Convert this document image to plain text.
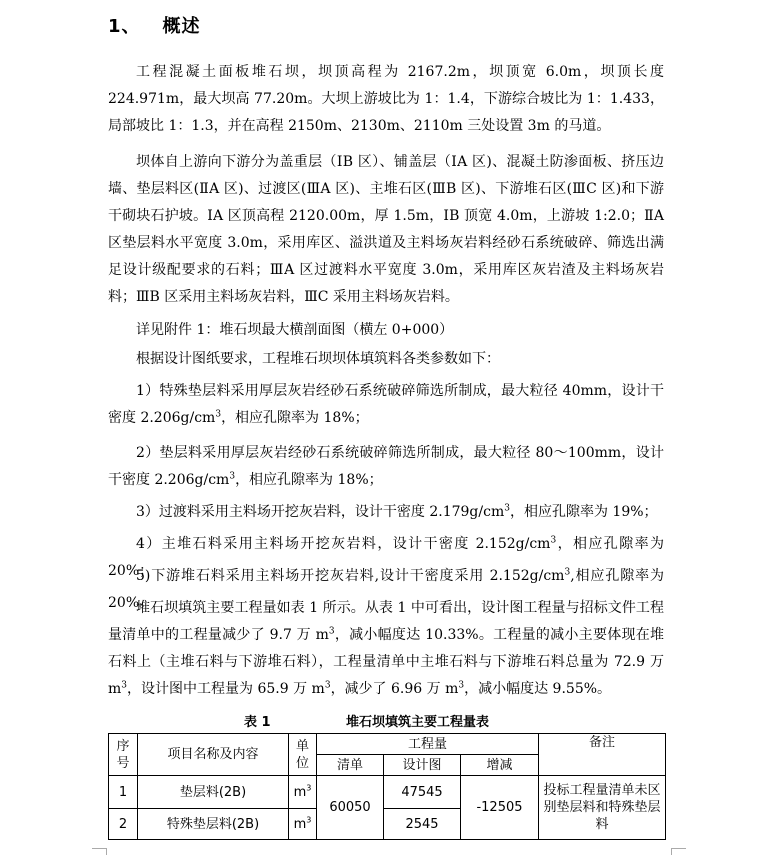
1、 概述

工程混凝土面板堆石坝，坝顶高程为 2167.2m，坝顶宽 6.0m，坝顶长度 224.971m，最大坝高 77.20m。大坝上游坡比为 1：1.4，下游综合坡比为 1：1.433，局部坡比 1：1.3，并在高程 2150m、2130m、2110m 三处设置 3m 的马道。

坝体自上游向下游分为盖重层（ⅠB 区）、铺盖层（ⅠA 区)、混凝土防渗面板、挤压边墙、垫层料区(ⅡA 区)、过渡区(ⅢA 区)、主堆石区(ⅢB 区)、下游堆石区(ⅢC 区)和下游干砌块石护坡。ⅠA 区顶高程 2120.00m，厚 1.5m，ⅠB 顶宽 4.0m，上游坡 1:2.0；ⅡA 区垫层料水平宽度 3.0m，采用库区、溢洪道及主料场灰岩料经砂石系统破碎、筛选出满足设计级配要求的石料；ⅢA 区过渡料水平宽度 3.0m，采用库区灰岩渣及主料场灰岩料；ⅢB 区采用主料场灰岩料，ⅢC 采用主料场灰岩料。

详见附件 1：堆石坝最大横剖面图（横左 0+000）

根据设计图纸要求，工程堆石坝坝体填筑料各类参数如下：

1）特殊垫层料采用厚层灰岩经砂石系统破碎筛选所制成，最大粒径 40mm，设计干密度 $2.206g/cm^3$，相应孔隙率为 18%；

2）垫层料采用厚层灰岩经砂石系统破碎筛选所制成，最大粒径 80～100mm，设计干密度 $2.206g/cm^3$，相应孔隙率为 18%；

3）过渡料采用主料场开挖灰岩料，设计干密度 $2.179g/cm^3$，相应孔隙率为 19%；

4）主堆石料采用主料场开挖灰岩料，设计干密度 $2.152g/cm^3$，相应孔隙率为 20%；

5)下游堆石料采用主料场开挖灰岩料,设计干密度采用 $2.152g/cm^3$,相应孔隙率为 20%。

堆石坝填筑主要工程量如表 1 所示。从表 1 中可看出，设计图工程量与招标文件工程量清单中的工程量减少了 9.7 万 $m^3$，减小幅度达 10.33%。工程量的减小主要体现在堆石料上（主堆石料与下游堆石料），工程量清单中主堆石料与下游堆石料总量为 72.9 万 $m^3$，设计图中工程量为 65.9 万 $m^3$，减少了 6.96 万 $m^3$，减小幅度达 9.55%。

表 1	堆石坝填筑主要工程量表
序号	项目名称及内容	单位	工程量			备注
			清单	设计图	增减	
1	垫层料(2B)	$m^3$	60050	47545	-12505	投标工程量清单未区别垫层料和特殊垫层料
2	特殊垫层料(2B)	$m^3$		2545		
